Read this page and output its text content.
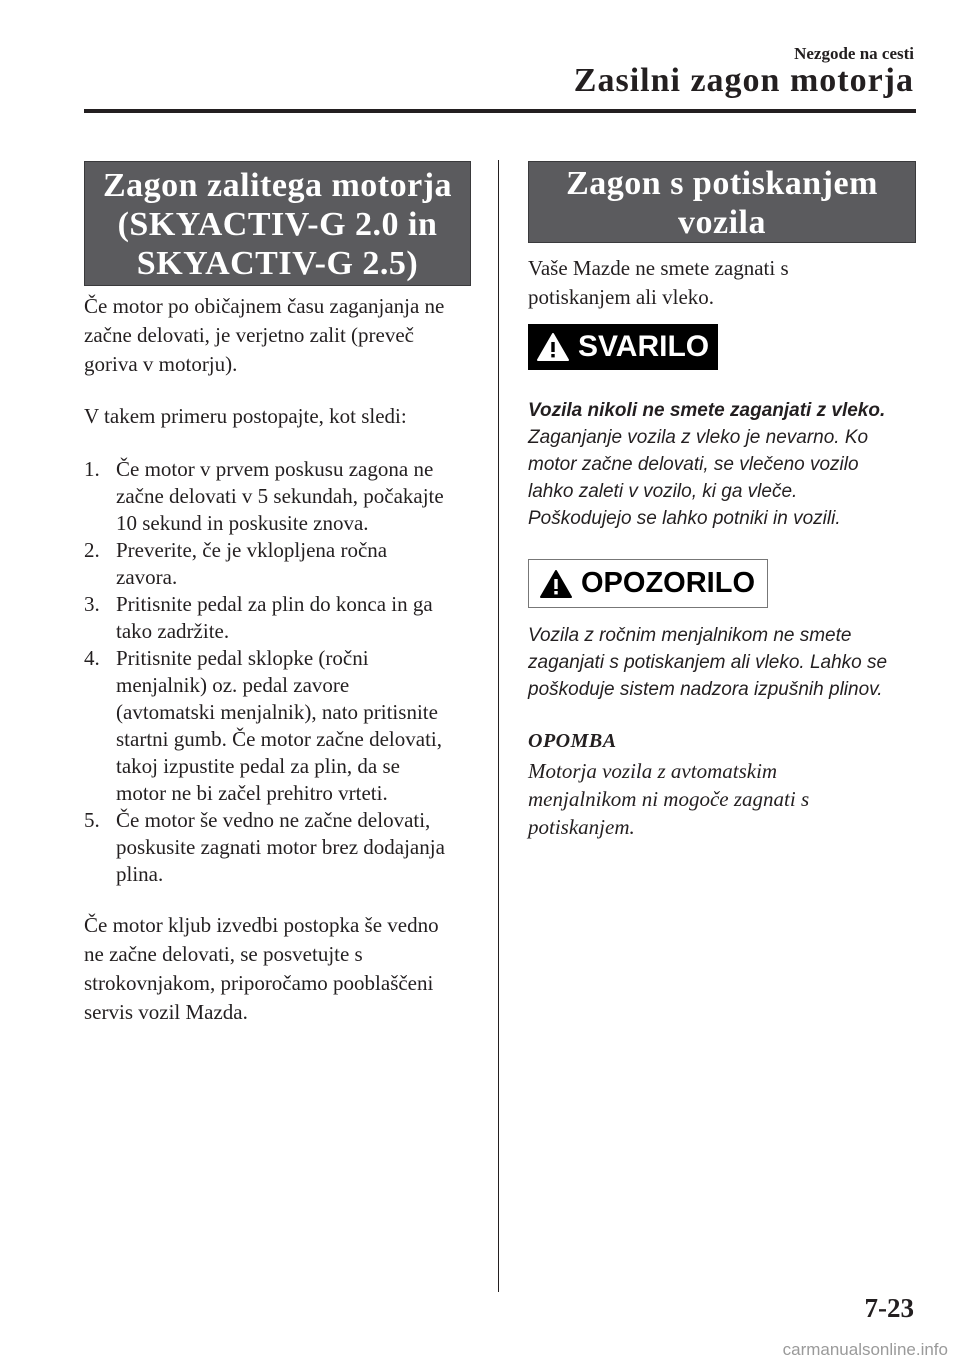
Nezgode na cesti
Zasilni zagon motorja
Zagon zalitega motorja
(SKYACTIV-G 2.0 in
SKYACTIV-G 2.5)
Če motor po običajnem času zaganjanja ne
začne delovati, je verjetno zalit (preveč
goriva v motorju).
V takem primeru postopajte, kot sledi:
1. Če motor v prvem poskusu zagona ne
začne delovati v 5 sekundah, počakajte
10 sekund in poskusite znova.
2. Preverite, če je vklopljena ročna
zavora.
3. Pritisnite pedal za plin do konca in ga
tako zadržite.
4. Pritisnite pedal sklopke (ročni
menjalnik) oz. pedal zavore
(avtomatski menjalnik), nato pritisnite
startni gumb. Če motor začne delovati,
takoj izpustite pedal za plin, da se
motor ne bi začel prehitro vrteti.
5. Če motor še vedno ne začne delovati,
poskusite zagnati motor brez dodajanja
plina.
Če motor kljub izvedbi postopka še vedno
ne začne delovati, se posvetujte s
strokovnjakom, priporočamo pooblaščeni
servis vozil Mazda.
Zagon s potiskanjem
vozila
Vaše Mazde ne smete zagnati s
potiskanjem ali vleko.
SVARILO
Vozila nikoli ne smete zaganjati z vleko.
Zaganjanje vozila z vleko je nevarno. Ko
motor začne delovati, se vlečeno vozilo
lahko zaleti v vozilo, ki ga vleče.
Poškodujejo se lahko potniki in vozili.
OPOZORILO
Vozila z ročnim menjalnikom ne smete
zaganjati s potiskanjem ali vleko. Lahko se
poškoduje sistem nadzora izpušnih plinov.
OPOMBA
Motorja vozila z avtomatskim
menjalnikom ni mogoče zagnati s
potiskanjem.
7-23
carmanualsonline.info
